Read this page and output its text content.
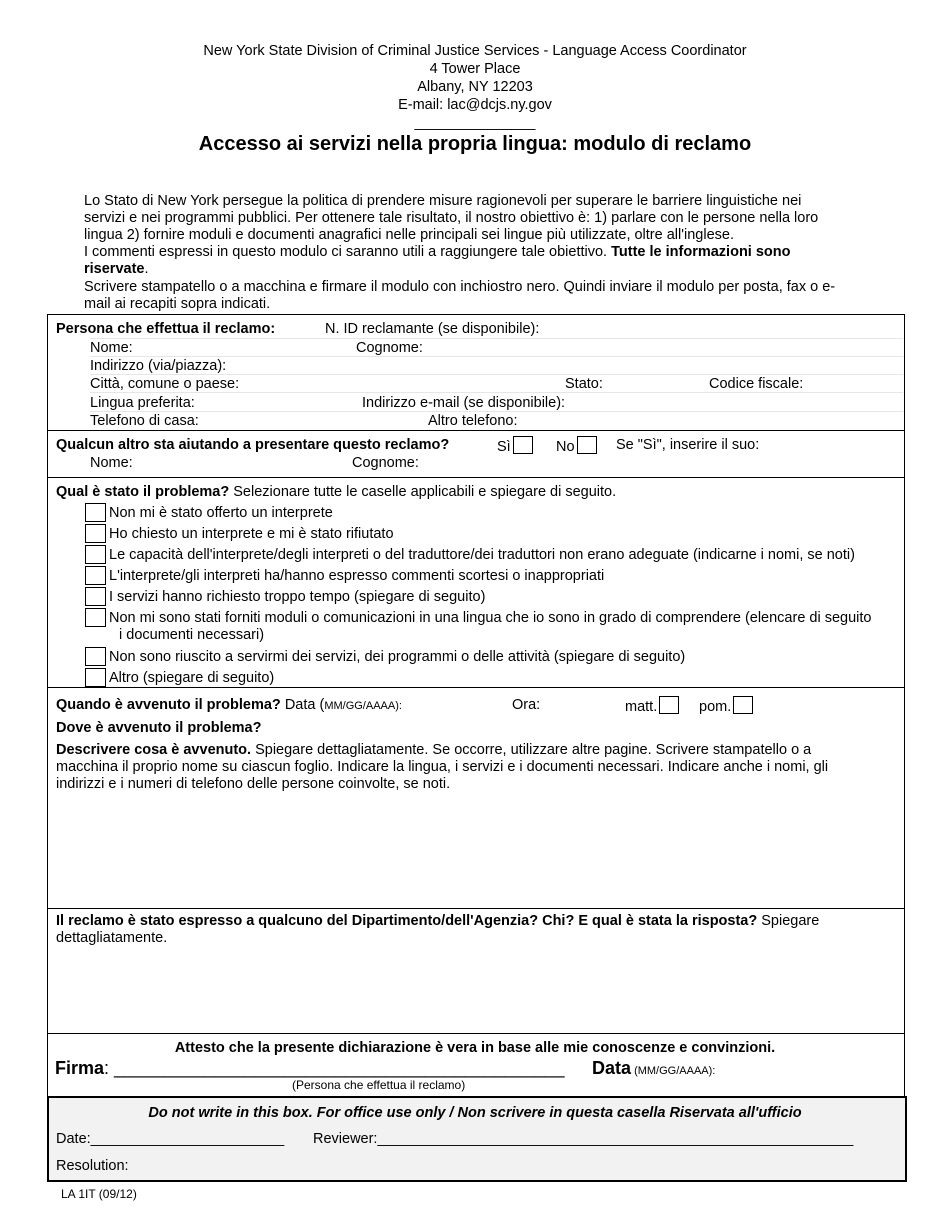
New York State Division of Criminal Justice Services - Language Access Coordinator
4 Tower Place
Albany, NY 12203
E-mail: lac@dcjs.ny.gov
_______________
Accesso ai servizi nella propria lingua: modulo di reclamo
Lo Stato di New York persegue la politica di prendere misure ragionevoli per superare le barriere linguistiche nei
servizi e nei programmi pubblici. Per ottenere tale risultato, il nostro obiettivo è: 1) parlare con le persone nella loro
lingua 2) fornire moduli e documenti anagrafici nelle principali sei lingue più utilizzate, oltre all'inglese.
I commenti espressi in questo modulo ci saranno utili a raggiungere tale obiettivo. Tutte le informazioni sono
riservate.
Scrivere stampatello o a macchina e firmare il modulo con inchiostro nero. Quindi inviare il modulo per posta, fax o e-
mail ai recapiti sopra indicati.
Persona che effettua il reclamo:	N. ID reclamante (se disponibile):
Nome:	Cognome:
Indirizzo (via/piazza):
Città, comune o paese:	Stato:	Codice fiscale:
Lingua preferita:	Indirizzo e-mail (se disponibile):
Telefono di casa:	Altro telefono:
Qualcun altro sta aiutando a presentare questo reclamo?	Sì	No	Se "Sì", inserire il suo:
Nome:	Cognome:
Qual è stato il problema? Selezionare tutte le caselle applicabili e spiegare di seguito.
Non mi è stato offerto un interprete
Ho chiesto un interprete e mi è stato rifiutato
Le capacità dell'interprete/degli interpreti o del traduttore/dei traduttori non erano adeguate (indicarne i nomi, se noti)
L'interprete/gli interpreti ha/hanno espresso commenti scortesi o inappropriati
I servizi hanno richiesto troppo tempo (spiegare di seguito)
Non mi sono stati forniti moduli o comunicazioni in una lingua che io sono in grado di comprendere (elencare di seguito
i documenti necessari)
Non sono riuscito a servirmi dei servizi, dei programmi o delle attività (spiegare di seguito)
Altro (spiegare di seguito)
Quando è avvenuto il problema? Data (MM/GG/AAAA):	Ora:	matt.	pom.
Dove è avvenuto il problema?
Descrivere cosa è avvenuto. Spiegare dettagliatamente. Se occorre, utilizzare altre pagine. Scrivere stampatello o a
macchina il proprio nome su ciascun foglio. Indicare la lingua, i servizi e i documenti necessari. Indicare anche i nomi, gli
indirizzi e i numeri di telefono delle persone coinvolte, se noti.
Il reclamo è stato espresso a qualcuno del Dipartimento/dell'Agenzia? Chi? E qual è stata la risposta? Spiegare
dettagliatamente.
Attesto che la presente dichiarazione è vera in base alle mie conoscenze e convinzioni.
Firma: _____________________________________________ Data (MM/GG/AAAA):
(Persona che effettua il reclamo)
Do not write in this box. For office use only / Non scrivere in questa casella Riservata all'ufficio
Date:________________________ Reviewer:___________________________________________________________
Resolution:
LA 1IT (09/12)
